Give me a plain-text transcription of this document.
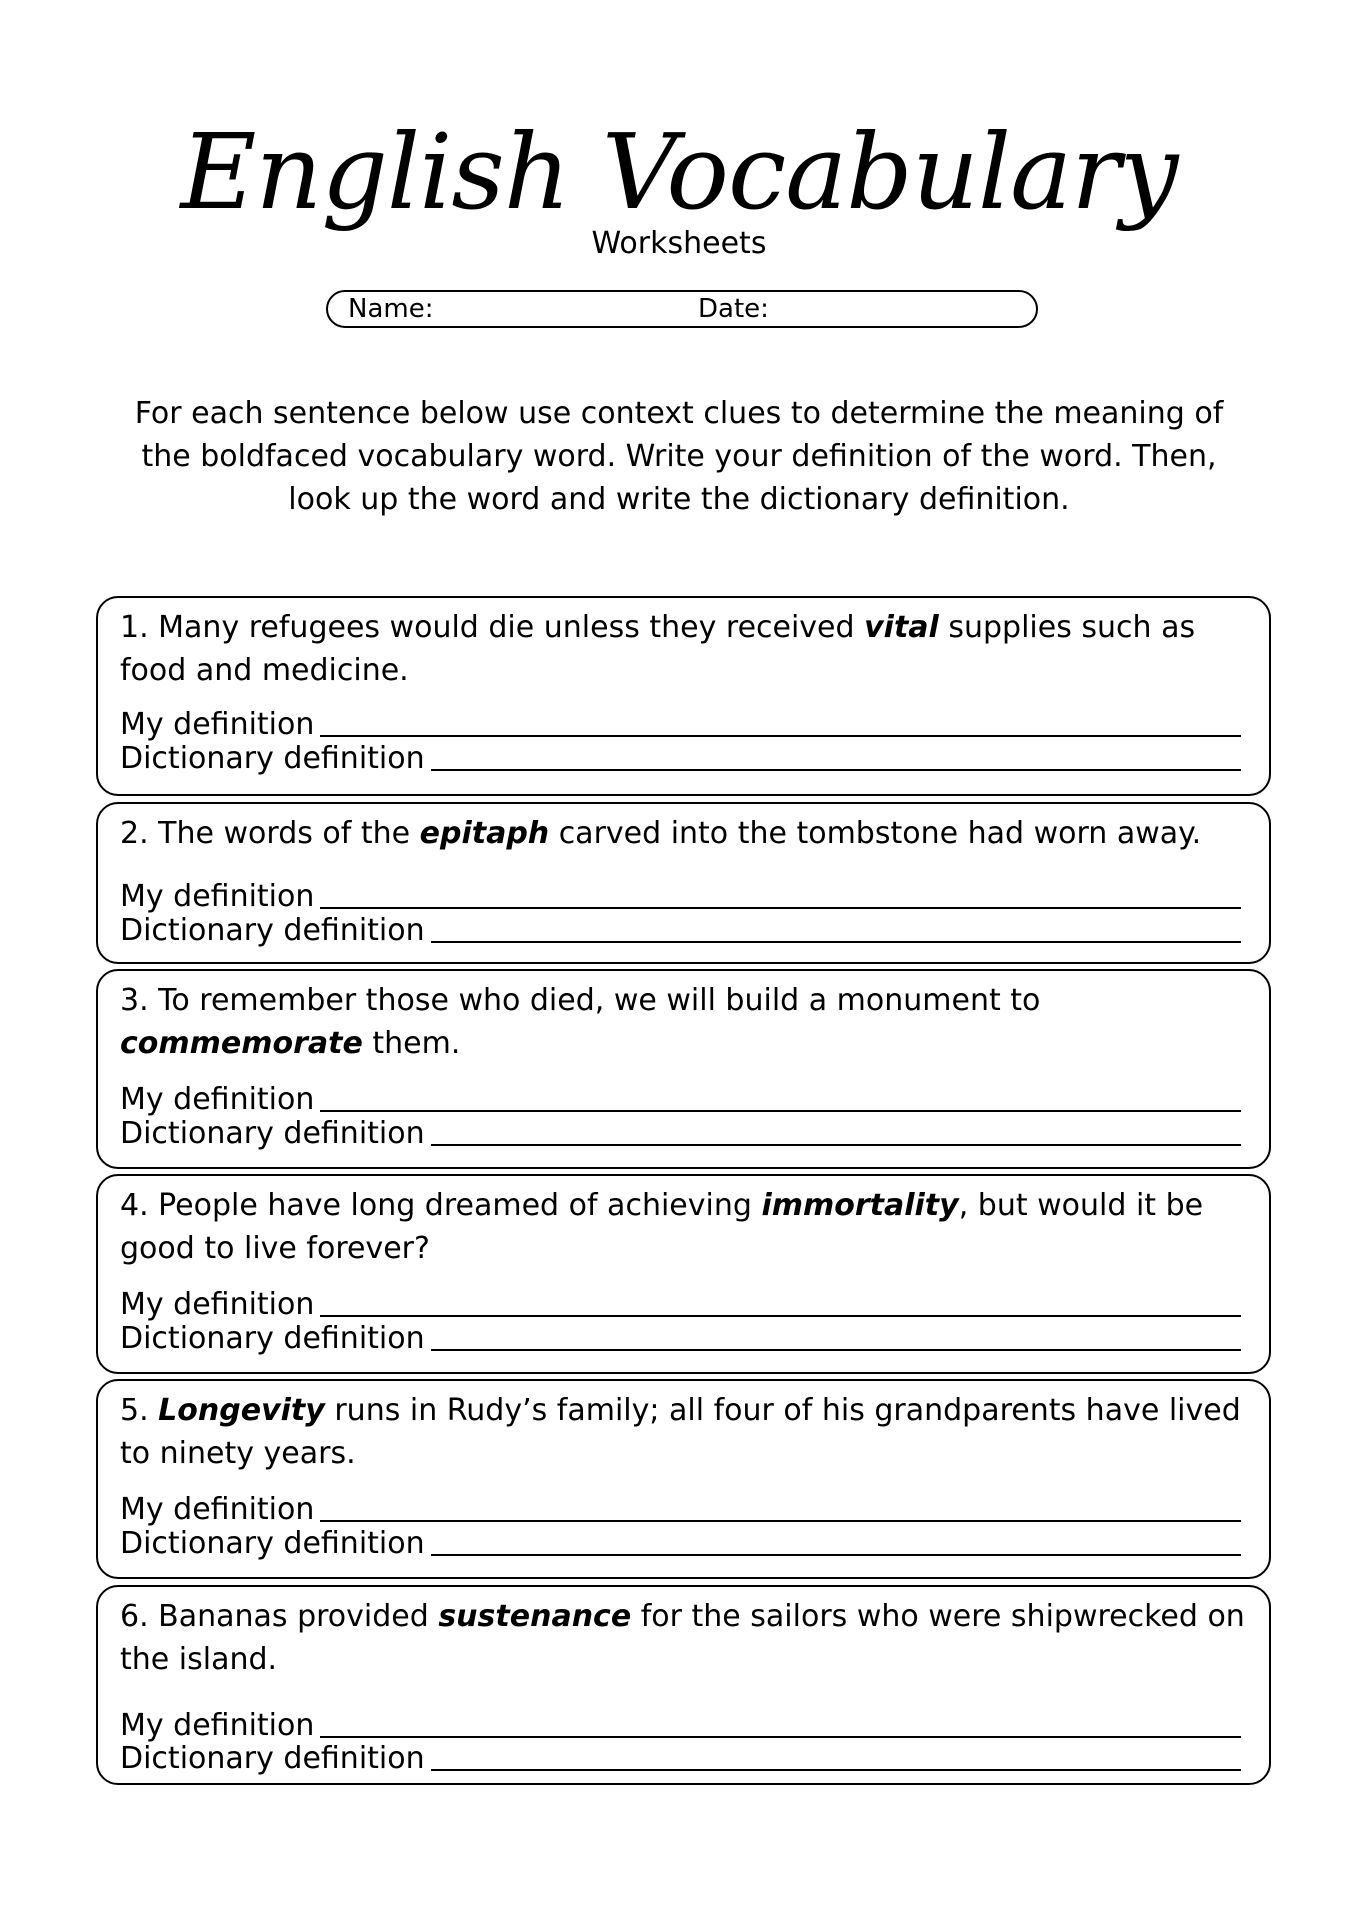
English Vocabulary
Worksheets
Name:	Date:
For each sentence below use context clues to determine the meaning of the boldfaced vocabulary word. Write your definition of the word. Then, look up the word and write the dictionary definition.

1. Many refugees would die unless they received vital supplies such as food and medicine.

My definition
Dictionary definition

2. The words of the epitaph carved into the tombstone had worn away.

My definition
Dictionary definition

3. To remember those who died, we will build a monument to commemorate them.

My definition
Dictionary definition

4. People have long dreamed of achieving immortality, but would it be good to live forever?

My definition
Dictionary definition

5. Longevity runs in Rudy’s family; all four of his grandparents have lived to ninety years.

My definition
Dictionary definition

6. Bananas provided sustenance for the sailors who were shipwrecked on the island.

My definition
Dictionary definition
